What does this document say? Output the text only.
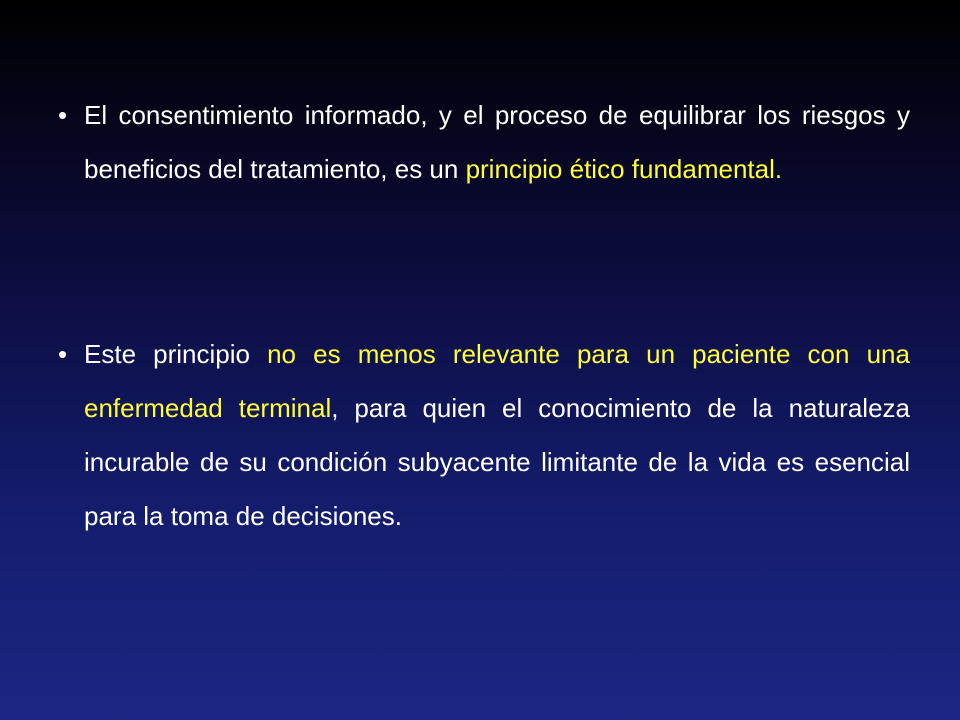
• El consentimiento informado, y el proceso de equilibrar los riesgos y beneficios del tratamiento, es un principio ético fundamental.
• Este principio no es menos relevante para un paciente con una enfermedad terminal, para quien el conocimiento de la naturaleza incurable de su condición subyacente limitante de la vida es esencial para la toma de decisiones.
